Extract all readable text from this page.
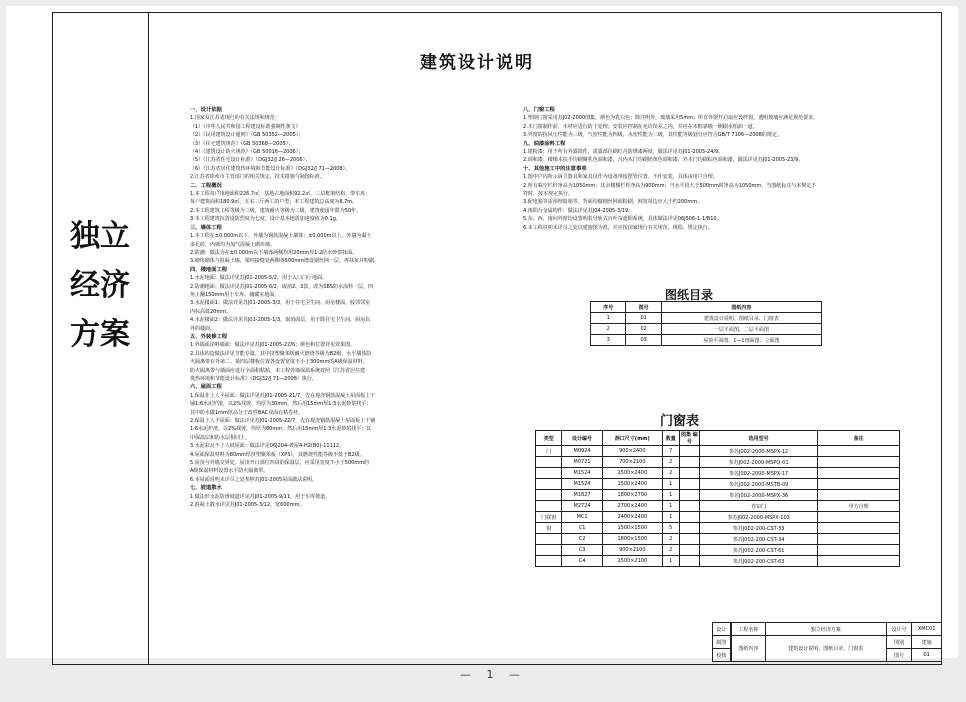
独立经济方案
建筑设计说明
一、设计依据
1.国家及江苏省现行的有关法规和规范：
（1）《中华人民共和国工程建设标准强制性条文》
（2）《民用建筑设计通则》（GB 50352—2005）；
（3）《住宅建筑规范》（GB 50368—2005）；
（4）《建筑设计防火规范》（GB 50016—2006）；
（5）《江苏省住宅设计标准》（DGJ32/J 26—2006）；
（6）《江苏省居住建筑热环境和节能设计标准》（DGJ32/J 71—2008）。
2.江苏省徐州市主管部门的相关规定、技术措施与制图标准。
二、工程概况
1.本工程每户用地面积226.7㎡，基地占地面积92.2㎡，三层框架结构，带车库；
每户建筑面积180.9㎡，五室三厅两工的户型；本工程建筑总高度为8.7m。
2.本工程建筑工程等级为三级，建筑耐火等级为二级，建筑使用年限为50年。
3.本工程建筑抗震设防烈度为七度，设计基本地震加速度值为0.1g。
三、墙体工程
1.本工程在±0.000m以下，外墙为钢筋混凝土墙体；±0.000m以上，外墙为黏土
多孔砖，内墙均为加气混凝土砌块墙。
2.防潮：做法为在±0.000m以下墙体两侧均用20mm厚1:2防水砂浆抹面。
3.砌块砌体与混凝土墙、梁柱接缝处两侧各500mm增设钢丝网一层，再抹灰并粉刷。
四、楼地面工程
1.水泥地面：做法详见苏J01-2005-5/2，用于入口门厅地面。
2.防潮地面：做法详见苏J01-2005-6/2，取消2、3款，改为SBS防水涂料一层，四
角上翻150mm用于车库、储藏室地面。
3.水泥楼面1：做法详见苏J01-2005-3/3，用于住宅卫生间、厨房楼面，股邻邻室
内标高低20mm。
4.水泥楼面2：做法详见苏J01-2005-1/3，取消面层，用于除住宅卫生间、厨房以
外的楼面。
五、外装修工程
1.外墙面涂料墙面：做法详见苏J01-2005-22/6；颜色和位置详见效果图。
2.具体构造做法详见节能专篇，其中挤塑聚苯板耐火燃烧等级为B2级，水平墙体防
火隔离带在外第二、第四层楼板位置各设置宽度不小于300mm的A级保温材料，
防火隔离带与墙面应进行全面积粘贴，本工程外墙保温系统按照《江苏省居住建
筑热环境和节能设计标准》（DGJ32/J 71—2008）执行。
六、屋面工程
1.保温非上人平屋面：做法详见苏J01-2005-21/7，先在现浇钢筋混凝土屋面板上干
铺1:6水泥炉渣，以2%找坡，均厚为30mm，然后用15mm厚1:3水泥砂浆找平；
其中防水做1mm厚高分子改性BAC双面自粘卷材。
2.保温上人平屋面：做法详见苏J01-2005-22/7，先在现浇钢筋混凝土屋面板上干铺
1:6水泥炉渣，以2%找坡，均厚为80mm，然后用15mm厚1:3水泥砂浆找平；其
中保温层和防水层相同上。
3.水泥彩瓦不上人坡屋面：做法详见06J204-坡屋4-H2(B0)-11112。
4.屋面保温材料为80mm厚挤塑聚苯板（XPS），其燃烧性能等级不低于B2级。
5.屋顶与外墙交界处、屋顶开口部位四周的保温层，应采用宽度不小于500mm的
A级保温材料设置水平防火隔离带。
6.本屋面说明未详尽之处参照苏J01-2005屋面做法说明。
七、坡道散水
1.做法形水泥防滑坡道详见苏J01-2005-9/11，用于车库坡道。
2.混凝土散水详见苏J01-2005-3/12，宽600mm。
八、门窗工程
1.塑钢门窗采用苏J02-2000图集，颜色为乳白色；除注明外，玻璃采用5mm；所有外窗开启扇应设纱窗，透明玻璃应满足规范要求。
2.木门窗制作前，木材应进行防干处理；安装应控制在允许误差之内，并应在木框靠墙一侧刷水柏油一道。
3.外窗的抗风压性能为三级，气密性能为四级，水密性能为二级，其性能等级划分应符合GB/T 7106—2008的规定。
九、油漆涂料工程
1.银粉漆：用于所有外露铁件，需露部位刷红丹防锈漆两度，做法详见苏J01-2005-24/9。
2.调和漆：楼梯木扶手均刷聚乳色调和漆，凡内木门均刷奶黄色调和漆，外木门均刷棕色调和漆，做法详见苏J01-2005-23/9。
十、其他施工中的注意事项
1.图中户内所示厨卫器具和家具仅作为设备预留摆管位置，不作安装，具体由用户自理。
2.所有临空栏杆净高为1050mm；其余楼梯栏杆净高为900mm；当水平段大于500mm时净高为1050mm，当图纸标注与本规定不
符时，按本规定执行。
3.配电箱等需预埋暗箱等，背面均做钢丝网面粉刷，网宽每边应大于约200mm。
4.雨阳台金属构件：做法详见苏J04-2005-3/19。
5.东、西、南向外窗均设置明装导轨式百叶帘遮阳系统，具体做法详见06J506-1-1/B10。
6.本工程说明未详尽之处以建施图为准，并应按国家现行有关规范、规程、规定执行。
图纸目录
序号	图号	图纸内容
1	01	建筑设计说明、图纸目录、门窗表
2	02	一层平面图、二层平面图
3	03	屋顶平面图、1—1剖面图、立面图
门窗表
类型	设计编号	洞口尺寸(mm)	数量	图集 编号	选用型号	备注
门	M0924	900×2400	7		参苏J002-2000-MSPX-12	
	M0721	700×2100	2		参苏J002-2000-MSPQ-01	
	M1524	1500×2400	2		参苏J002-2000-MSPX-17	
	M1524	1500×2400	1		参苏J002-2000-MSTB-09	
	M1827	1800×2700	1		参苏J002-2000-MSPX-36	
	M2724	2700×2400	1		卷帘门	甲方自理
门联窗	MC1	2400×2400	1		参苏J002-2000-MSPX-103	
窗	C1	1500×1500	5		参苏J002-200-CST-33	
	C2	1800×1500	2		参苏J002-200-CST-34	
	C3	900×2100	2		参苏J002-200-CST-61	
	C4	1500×2100	1		参苏J002-200-CST-63	
设计		工程名称	独立经济方案	设计号	XMC01
制图		图纸内容	建筑设计说明、图纸目录、门窗表	图别	建施
校核			图号	01
— 1 —
